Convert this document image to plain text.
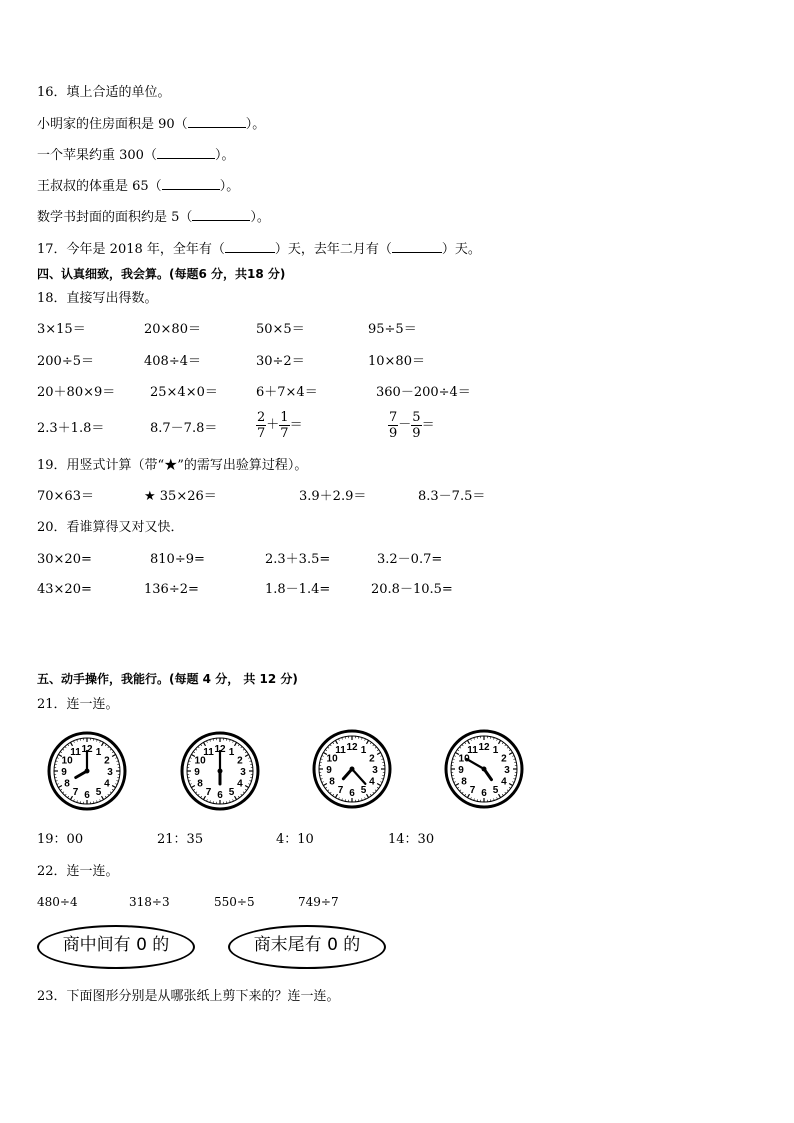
16．填上合适的单位。
小明家的住房面积是 90（	）。
一个苹果约重 300（	）。
王叔叔的体重是 65（	）。
数学书封面的面积约是 5（	）。
17．今年是 2018 年，全年有（	）天，去年二月有（	）天。
四、认真细致，我会算。(每题6 分，共18 分)
18．直接写出得数。
3×15＝	20×80＝	50×5＝	95÷5＝
200÷5＝	408÷4＝	30÷2＝	10×80＝
20＋80×9＝	25×4×0＝	6＋7×4＝	360－200÷4＝
2.3＋1.8＝	8.7－7.8＝	$\frac{2}{7} + \frac{1}{7}$ ＝	$\frac{7}{9} - \frac{5}{9}$ ＝
19．用竖式计算（带“★”的需写出验算过程）。
70×63＝	★ 35×26＝	3.9＋2.9＝	8.3－7.5＝
20．看谁算得又对又快．
30×20=	810÷9=	2.3＋3.5=	3.2－0.7=
43×20=	136÷2=	1.8－1.4=	20.8－10.5=
五、动手操作，我能行。(每题 4 分， 共 12 分)
21．连一连。
12 1
2
3
4
5
6
7
8
9
10
11	12 1
2
3
4
5
6
7
8
9
10
11	12 1
2
3
4
5
6
7
8
9
10
11	12 1
2
3
4
5
6
7
8
9
10
11
19：00	21：35	4：10	14：30
22．连一连。
480÷4	318÷3	550÷5	749÷7
商中间有 0 的	商末尾有 0 的
23．下面图形分别是从哪张纸上剪下来的？连一连。
